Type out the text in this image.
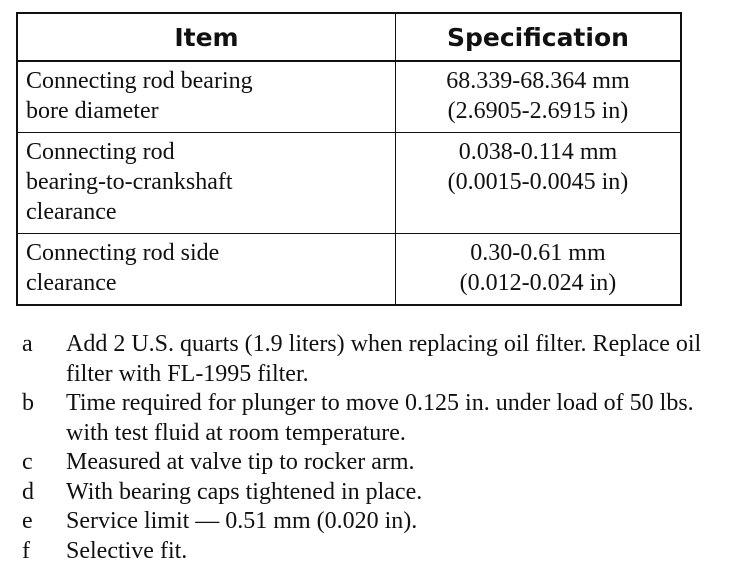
Item	Specification

Connecting rod bearing
bore diameter	68.339-68.364 mm
(2.6905-2.6915 in)

Connecting rod
bearing-to-crankshaft
clearance	0.038-0.114 mm
(0.0015-0.0045 in)

Connecting rod side
clearance	0.30-0.61 mm
(0.012-0.024 in)

a	Add 2 U.S. quarts (1.9 liters) when replacing oil filter. Replace oil filter with FL-1995 filter.

b	Time required for plunger to move 0.125 in. under load of 50 lbs. with test fluid at room temperature.

c	Measured at valve tip to rocker arm.

d	With bearing caps tightened in place.

e	Service limit — 0.51 mm (0.020 in).

f	Selective fit.
